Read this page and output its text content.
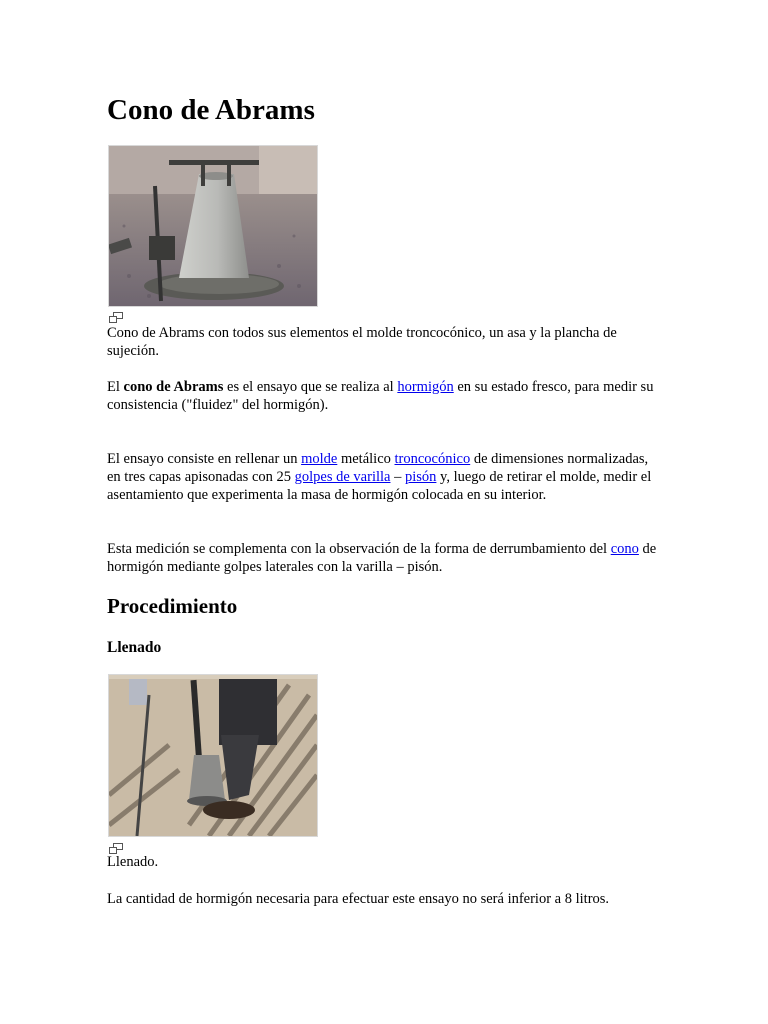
Cono de Abrams

Cono de Abrams con todos sus elementos el molde troncocónico, un asa y la plancha de sujeción.

El cono de Abrams es el ensayo que se realiza al hormigón en su estado fresco, para medir su consistencia ("fluidez" del hormigón).

El ensayo consiste en rellenar un molde metálico troncocónico de dimensiones normalizadas, en tres capas apisonadas con 25 golpes de varilla – pisón y, luego de retirar el molde, medir el asentamiento que experimenta la masa de hormigón colocada en su interior.

Esta medición se complementa con la observación de la forma de derrumbamiento del cono de hormigón mediante golpes laterales con la varilla – pisón.

Procedimiento
Llenado

Llenado.

La cantidad de hormigón necesaria para efectuar este ensayo no será inferior a 8 litros.
